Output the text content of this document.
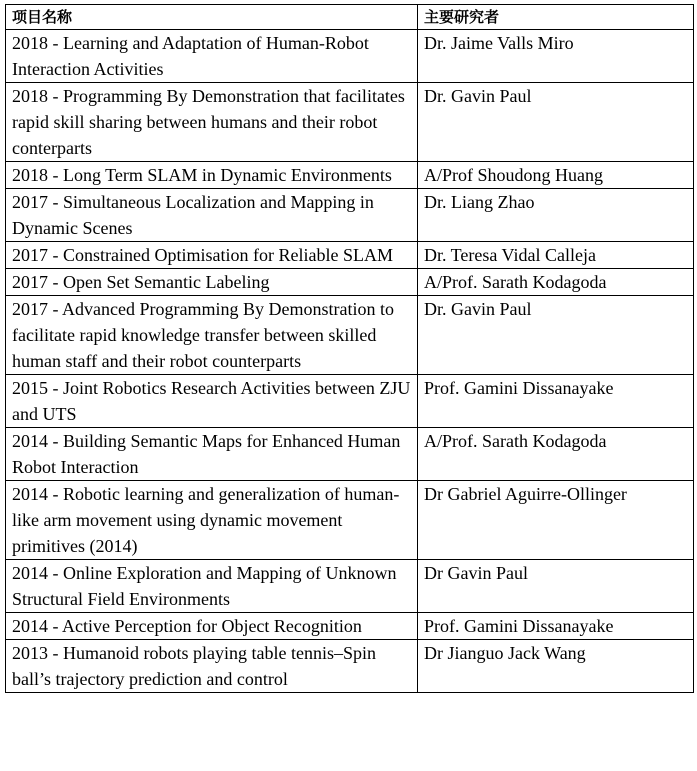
项目名称	主要研究者
2018 - Learning and Adaptation of Human-Robot Interaction Activities	Dr. Jaime Valls Miro
2018 - Programming By Demonstration that facilitates rapid skill sharing between humans and their robot conterparts	Dr. Gavin Paul
2018 - Long Term SLAM in Dynamic Environments	A/Prof Shoudong Huang
2017 - Simultaneous Localization and Mapping in Dynamic Scenes	Dr. Liang Zhao
2017 - Constrained Optimisation for Reliable SLAM	Dr. Teresa Vidal Calleja
2017 - Open Set Semantic Labeling	A/Prof. Sarath Kodagoda
2017 - Advanced Programming By Demonstration to facilitate rapid knowledge transfer between skilled human staff and their robot counterparts	Dr. Gavin Paul
2015 - Joint Robotics Research Activities between ZJU and UTS	Prof. Gamini Dissanayake
2014 - Building Semantic Maps for Enhanced Human Robot Interaction	A/Prof. Sarath Kodagoda
2014 - Robotic learning and generalization of human-like arm movement using dynamic movement primitives (2014)	Dr Gabriel Aguirre-Ollinger
2014 - Online Exploration and Mapping of Unknown Structural Field Environments	Dr Gavin Paul
2014 - Active Perception for Object Recognition	Prof. Gamini Dissanayake
2013 - Humanoid robots playing table tennis–Spin ball’s trajectory prediction and control	Dr Jianguo Jack Wang
